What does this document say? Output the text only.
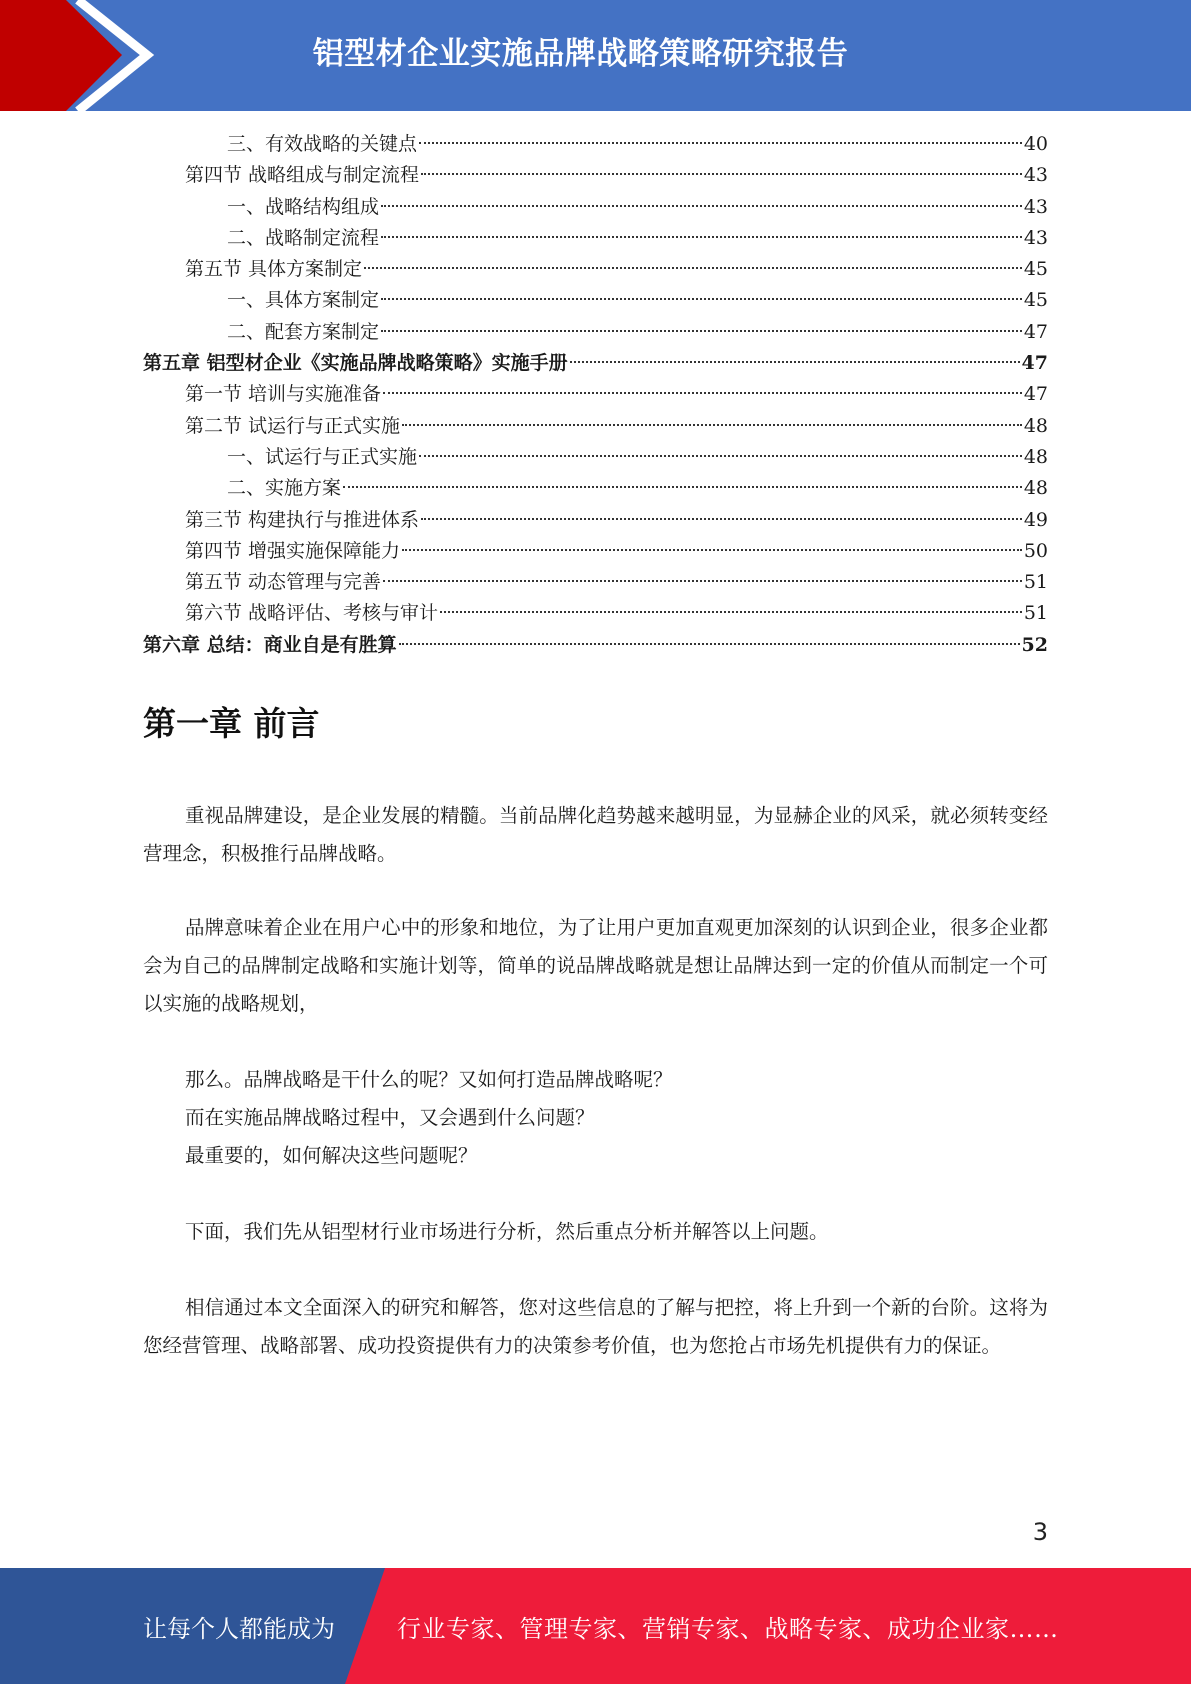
铝型材企业实施品牌战略策略研究报告
三、有效战略的关键点	40
第四节 战略组成与制定流程	43
一、战略结构组成	43
二、战略制定流程	43
第五节 具体方案制定	45
一、具体方案制定	45
二、配套方案制定	47
第五章 铝型材企业《实施品牌战略策略》实施手册	47
第一节 培训与实施准备	47
第二节 试运行与正式实施	48
一、试运行与正式实施	48
二、实施方案	48
第三节 构建执行与推进体系	49
第四节 增强实施保障能力	50
第五节 动态管理与完善	51
第六节 战略评估、考核与审计	51
第六章 总结：商业自是有胜算	52
第一章 前言

重视品牌建设，是企业发展的精髓。当前品牌化趋势越来越明显，为显赫企业的风采，就必须转变经营理念，积极推行品牌战略。

品牌意味着企业在用户心中的形象和地位，为了让用户更加直观更加深刻的认识到企业，很多企业都会为自己的品牌制定战略和实施计划等，简单的说品牌战略就是想让品牌达到一定的价值从而制定一个可以实施的战略规划，

那么。品牌战略是干什么的呢？又如何打造品牌战略呢？

而在实施品牌战略过程中，又会遇到什么问题？

最重要的，如何解决这些问题呢？

下面，我们先从铝型材行业市场进行分析，然后重点分析并解答以上问题。

相信通过本文全面深入的研究和解答，您对这些信息的了解与把控，将上升到一个新的台阶。这将为您经营管理、战略部署、成功投资提供有力的决策参考价值，也为您抢占市场先机提供有力的保证。

3
让每个人都能成为	行业专家、管理专家、营销专家、战略专家、成功企业家……
